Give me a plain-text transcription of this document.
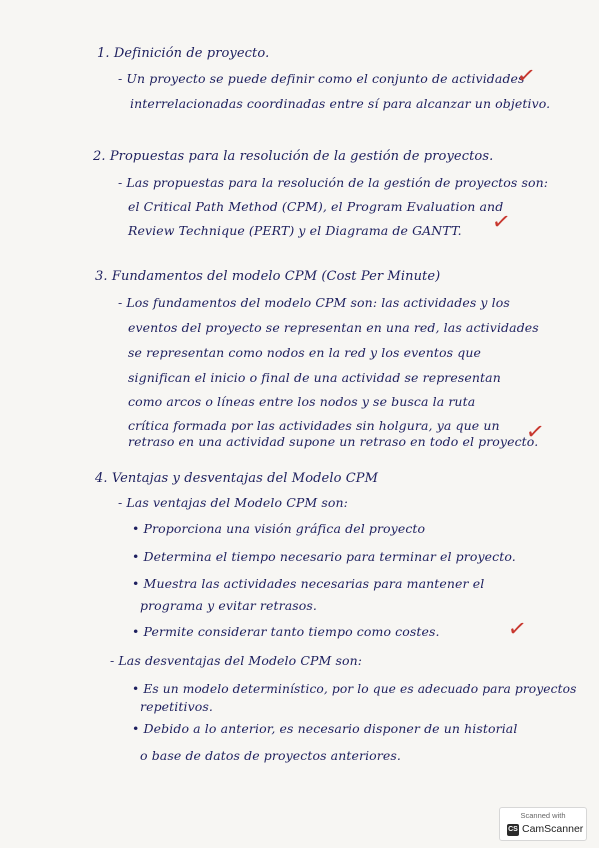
1. Definición de proyecto.
- Un proyecto se puede definir como el conjunto de actividades
interrelacionadas coordinadas entre sí para alcanzar un objetivo.
✓
2. Propuestas para la resolución de la gestión de proyectos.
- Las propuestas para la resolución de la gestión de proyectos son:
el Critical Path Method (CPM), el Program Evaluation and
Review Technique (PERT) y el Diagrama de GANTT. ✓
3. Fundamentos del modelo CPM (Cost Per Minute)
- Los fundamentos del modelo CPM son: las actividades y los
eventos del proyecto se representan en una red, las actividades
se representan como nodos en la red y los eventos que
significan el inicio o final de una actividad se representan
como arcos o líneas entre los nodos y se busca la ruta
crítica formada por las actividades sin holgura, ya que un
retraso en una actividad supone un retraso en todo el proyecto.
✓
4. Ventajas y desventajas del Modelo CPM
- Las ventajas del Modelo CPM son:
• Proporciona una visión gráfica del proyecto
• Determina el tiempo necesario para terminar el proyecto.
• Muestra las actividades necesarias para mantener el
programa y evitar retrasos.
• Permite considerar tanto tiempo como costes.	✓
- Las desventajas del Modelo CPM son:
• Es un modelo determinístico, por lo que es adecuado para proyectos
repetitivos.
• Debido a lo anterior, es necesario disponer de un historial
o base de datos de proyectos anteriores.
Scanned with
CS CamScanner
